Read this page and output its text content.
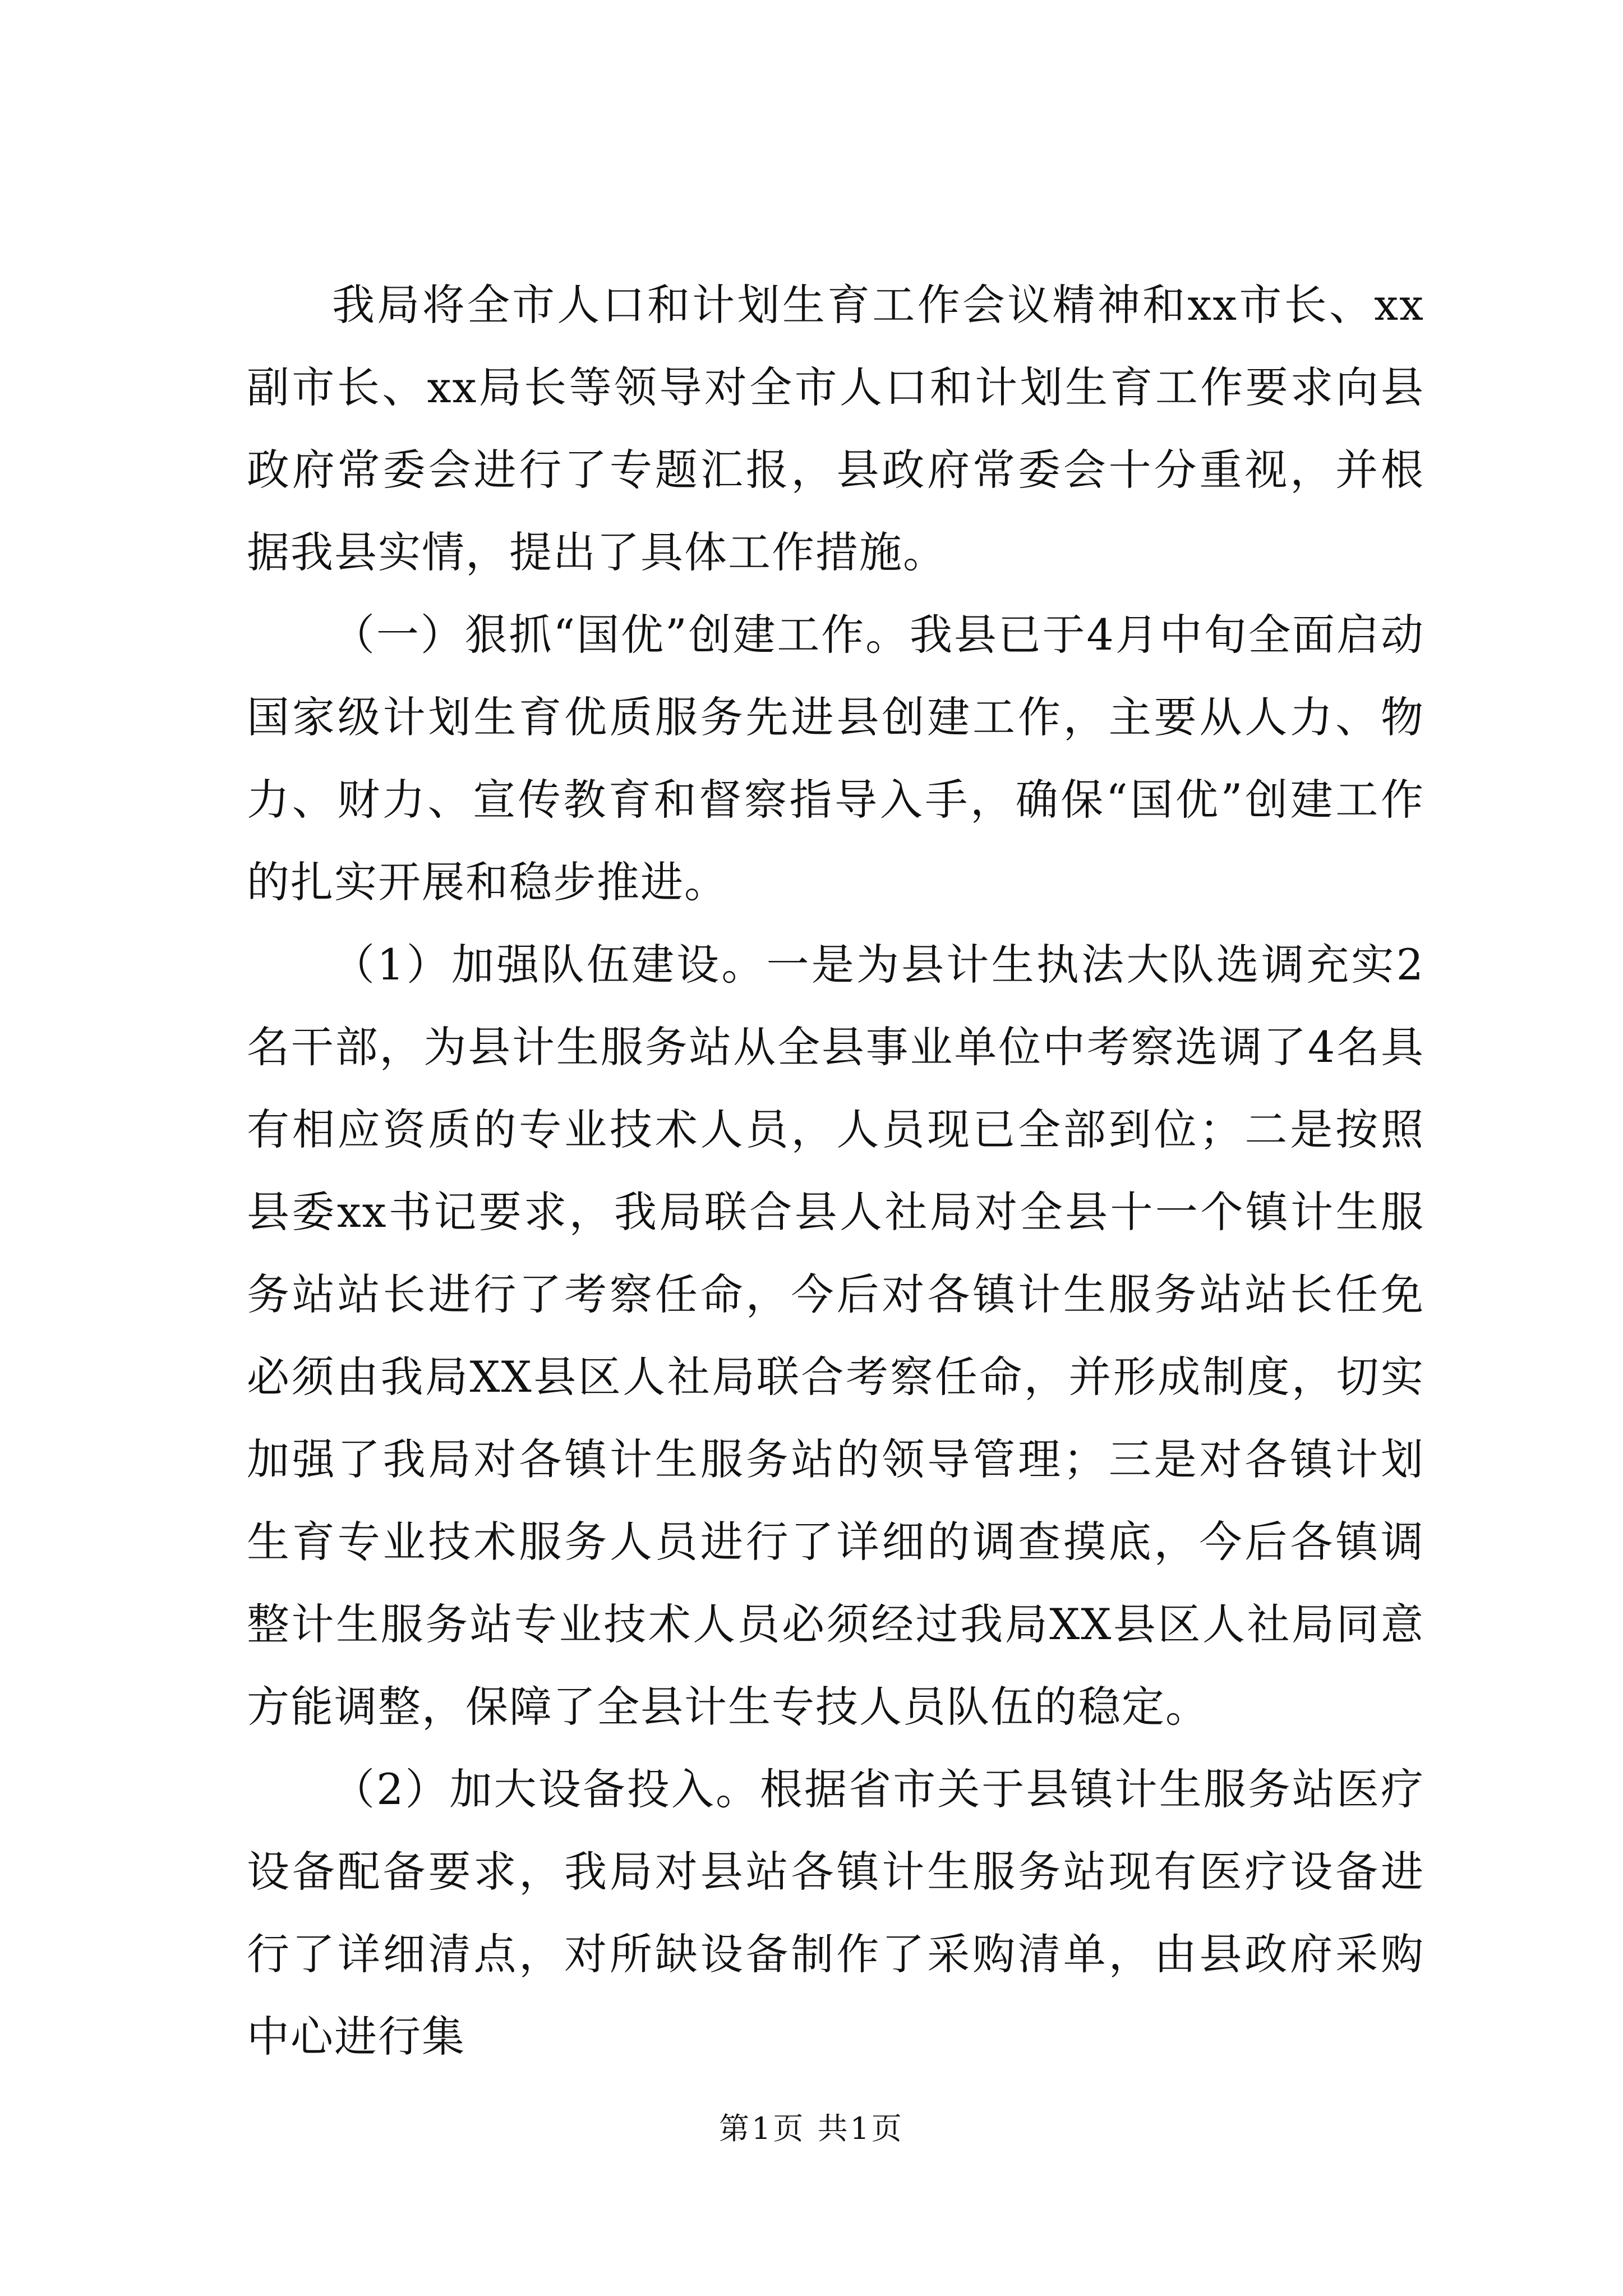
我局将全市人口和计划生育工作会议精神和xx市长、xx副市长、xx局长等领导对全市人口和计划生育工作要求向县政府常委会进行了专题汇报，县政府常委会十分重视，并根据我县实情，提出了具体工作措施。

（一）狠抓“国优”创建工作。我县已于4月中旬全面启动国家级计划生育优质服务先进县创建工作，主要从人力、物力、财力、宣传教育和督察指导入手，确保“国优”创建工作的扎实开展和稳步推进。

（1）加强队伍建设。一是为县计生执法大队选调充实2名干部，为县计生服务站从全县事业单位中考察选调了4名具有相应资质的专业技术人员，人员现已全部到位；二是按照县委xx书记要求，我局联合县人社局对全县十一个镇计生服务站站长进行了考察任命，今后对各镇计生服务站站长任免必须由我局XX县区人社局联合考察任命，并形成制度，切实加强了我局对各镇计生服务站的领导管理；三是对各镇计划生育专业技术服务人员进行了详细的调查摸底，今后各镇调整计生服务站专业技术人员必须经过我局XX县区人社局同意方能调整，保障了全县计生专技人员队伍的稳定。

（2）加大设备投入。根据省市关于县镇计生服务站医疗设备配备要求，我局对县站各镇计生服务站现有医疗设备进行了详细清点，对所缺设备制作了采购清单，由县政府采购中心进行集

第1页 共1页
